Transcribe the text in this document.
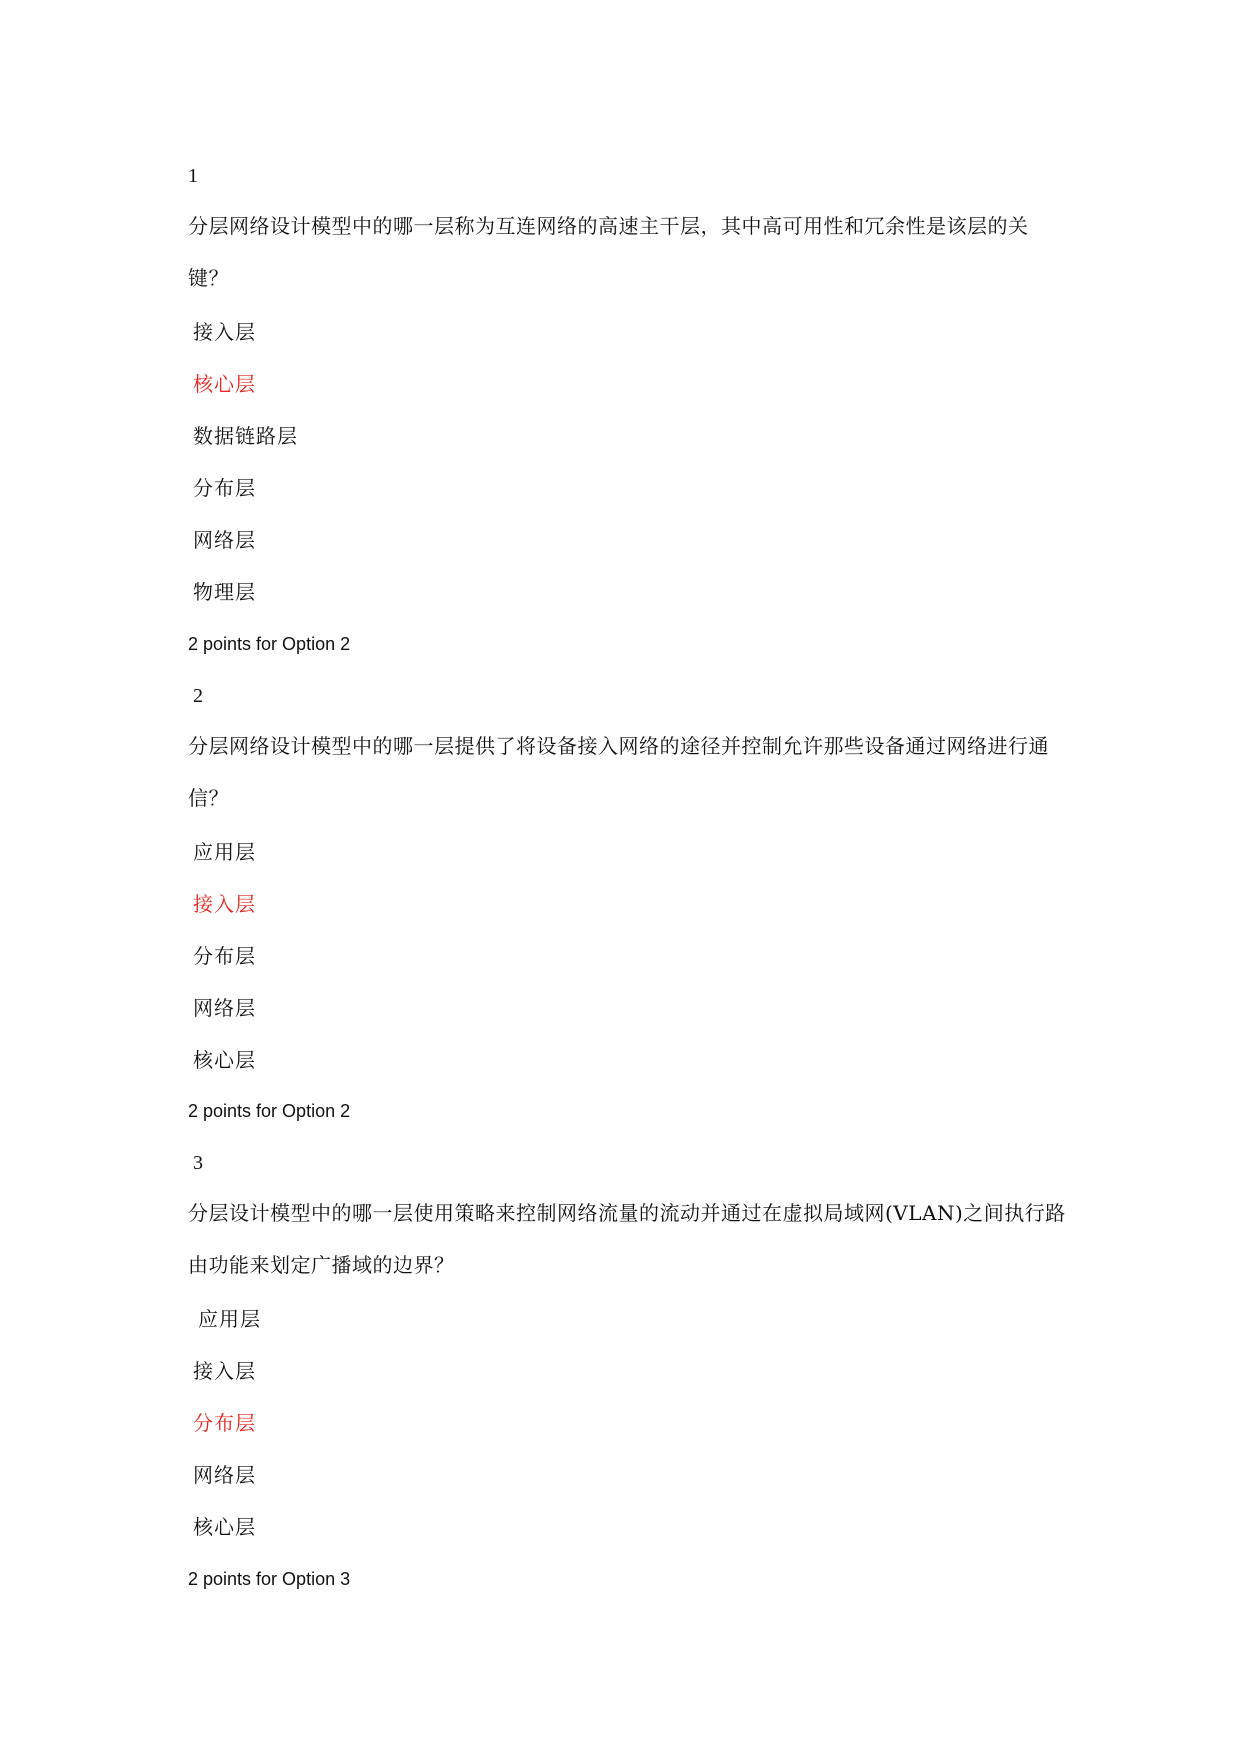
1
分层网络设计模型中的哪一层称为互连网络的高速主干层，其中高可用性和冗余性是该层的关键？
接入层
核心层
数据链路层
分布层
网络层
物理层
2 points for Option 2
2
分层网络设计模型中的哪一层提供了将设备接入网络的途径并控制允许那些设备通过网络进行通信？
应用层
接入层
分布层
网络层
核心层
2 points for Option 2
3
分层设计模型中的哪一层使用策略来控制网络流量的流动并通过在虚拟局域网(VLAN)之间执行路由功能来划定广播域的边界？
应用层
接入层
分布层
网络层
核心层
2 points for Option 3
